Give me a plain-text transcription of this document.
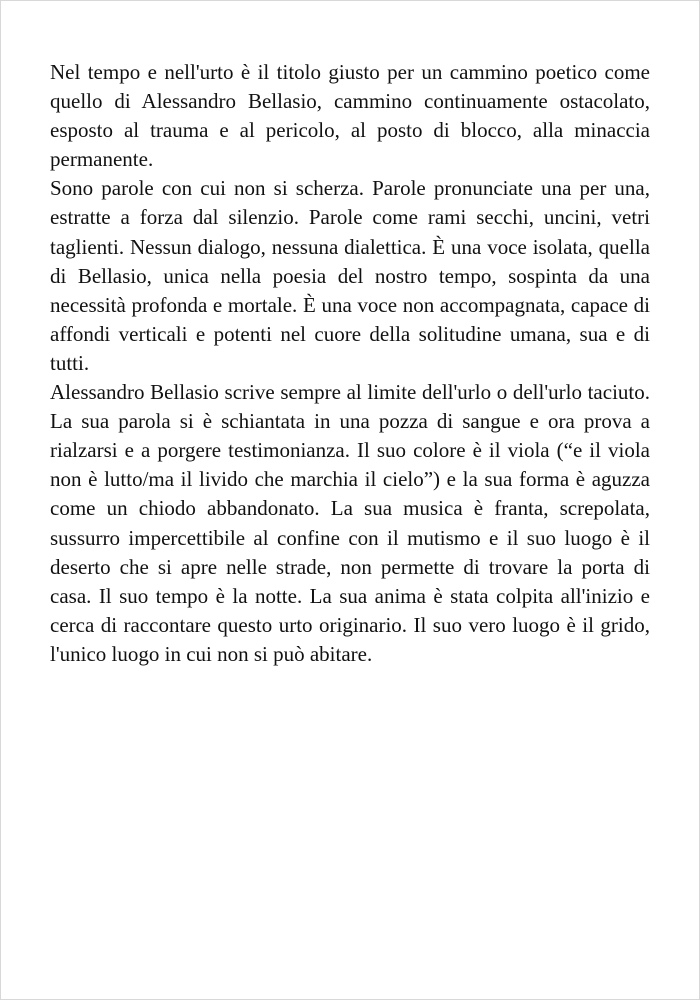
Nel tempo e nell'urto è il titolo giusto per un cammino poetico come quello di Alessandro Bellasio, cammino continuamente ostacolato, esposto al trauma e al pericolo, al posto di blocco, alla minaccia permanente.

Sono parole con cui non si scherza. Parole pronunciate una per una, estratte a forza dal silenzio. Parole come rami secchi, uncini, vetri taglienti. Nessun dialogo, nessuna dialettica. È una voce isolata, quella di Bellasio, unica nella poesia del nostro tempo, sospinta da una necessità profonda e mortale. È una voce non accompagnata, capace di affondi verticali e potenti nel cuore della solitudine umana, sua e di tutti.

Alessandro Bellasio scrive sempre al limite dell'urlo o dell'urlo taciuto. La sua parola si è schiantata in una pozza di sangue e ora prova a rialzarsi e a porgere testimonianza. Il suo colore è il viola (“e il viola non è lutto/ma il livido che marchia il cielo”) e la sua forma è aguzza come un chiodo abbandonato. La sua musica è franta, screpolata, sussurro impercettibile al confine con il mutismo e il suo luogo è il deserto che si apre nelle strade, non permette di trovare la porta di casa. Il suo tempo è la notte. La sua anima è stata colpita all'inizio e cerca di raccontare questo urto originario. Il suo vero luogo è il grido, l'unico luogo in cui non si può abitare.
